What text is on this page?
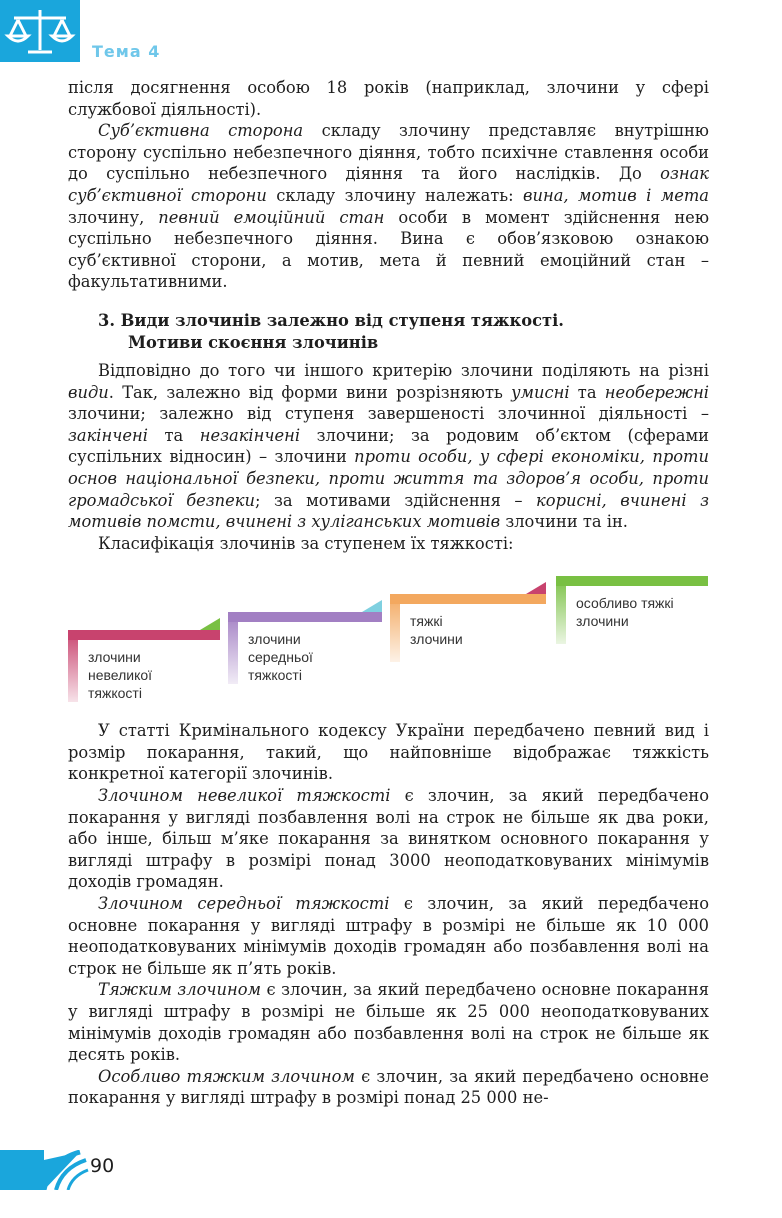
Тема 4

після досягнення особою 18 років (наприклад, злочини у сфері службової діяльності).

Суб’єктивна сторона складу злочину представляє внутрішню сторону суспільно небезпечного діяння, тобто психічне ставлення особи до суспільно небезпечного діяння та його наслідків. До ознак суб’єктивної сторони складу злочину належать: вина, мотив і мета злочину, певний емоційний стан особи в момент здійснення нею суспільно небезпечного діяння. Вина є обов’язковою ознакою суб’єктивної сторони, а мотив, мета й певний емоційний стан – факультативними.

3. Види злочинів залежно від ступеня тяжкості.
Мотиви скоєння злочинів

Відповідно до того чи іншого критерію злочини поділяють на різні види. Так, залежно від форми вини розрізняють умисні та необережні злочини; залежно від ступеня завершеності злочинної діяльності – закінчені та незакінчені злочини; за родовим об’єктом (сферами суспільних відносин) – злочини проти особи, у сфері економіки, проти основ національної безпеки, проти життя та здоров’я особи, проти громадської безпеки; за мотивами здійснення – корисні, вчинені з мотивів помсти, вчинені з хуліганських мотивів злочини та ін.

Класифікація злочинів за ступенем їх тяжкості:

злочини
невеликої
тяжкості
злочини
середньої
тяжкості
тяжкі
злочини
особливо тяжкі
злочини

У статті Кримінального кодексу України передбачено певний вид і розмір покарання, такий, що найповніше відображає тяжкість конкретної категорії злочинів.

Злочином невеликої тяжкості є злочин, за який передбачено покарання у вигляді позбавлення волі на строк не більше як два роки, або інше, більш м’яке покарання за винятком основного покарання у вигляді штрафу в розмірі понад 3000 неоподатковуваних мінімумів доходів громадян.

Злочином середньої тяжкості є злочин, за який передбачено основне покарання у вигляді штрафу в розмірі не більше як 10 000 неоподатковуваних мінімумів доходів громадян або позбавлення волі на строк не більше як п’ять років.

Тяжким злочином є злочин, за який передбачено основне покарання у вигляді штрафу в розмірі не більше як 25 000 неоподатковуваних мінімумів доходів громадян або позбавлення волі на строк не більше як десять років.

Особливо тяжким злочином є злочин, за який передбачено основне покарання у вигляді штрафу в розмірі понад 25 000 не-

90
